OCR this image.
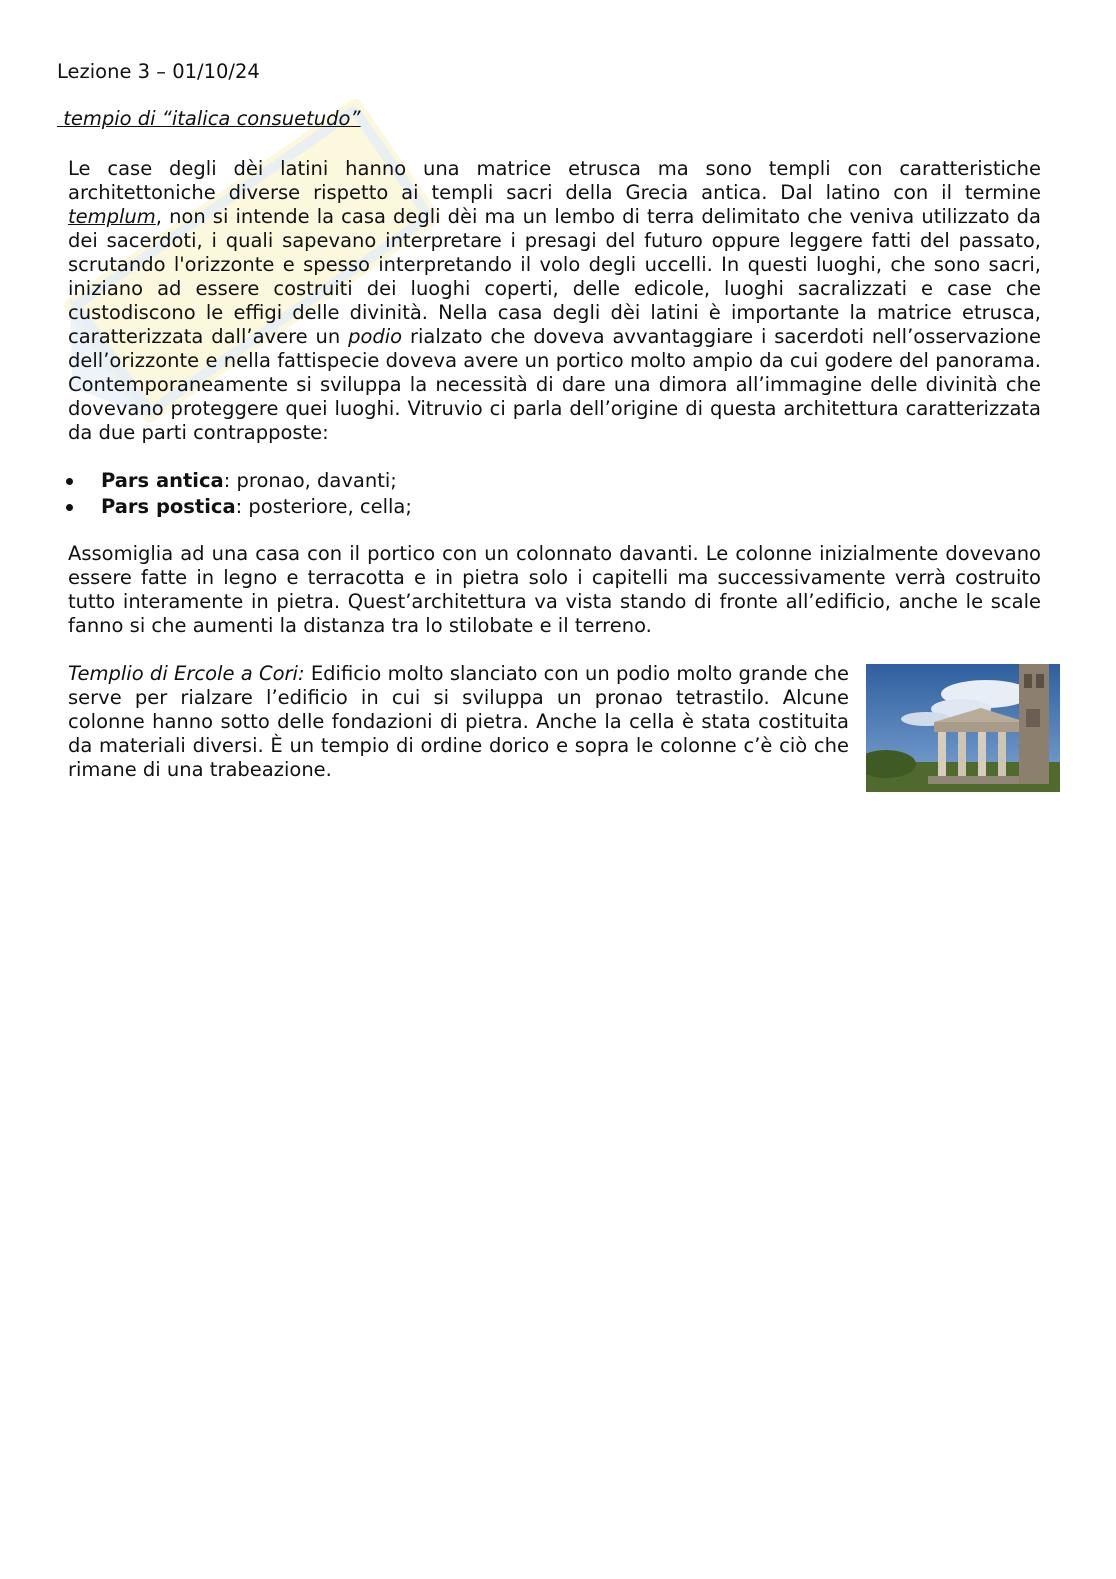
Lezione 3 – 01/10/24
tempio di “italica consuetudo”
Le case degli dèi latini hanno una matrice etrusca ma sono templi con caratteristiche architettoniche diverse rispetto ai templi sacri della Grecia antica. Dal latino con il termine templum, non si intende la casa degli dèi ma un lembo di terra delimitato che veniva utilizzato da dei sacerdoti, i quali sapevano interpretare i presagi del futuro oppure leggere fatti del passato, scrutando l'orizzonte e spesso interpretando il volo degli uccelli. In questi luoghi, che sono sacri, iniziano ad essere costruiti dei luoghi coperti, delle edicole, luoghi sacralizzati e case che custodiscono le effigi delle divinità. Nella casa degli dèi latini è importante la matrice etrusca, caratterizzata dall’avere un podio rialzato che doveva avvantaggiare i sacerdoti nell’osservazione dell’orizzonte e nella fattispecie doveva avere un portico molto ampio da cui godere del panorama. Contemporaneamente si sviluppa la necessità di dare una dimora all’immagine delle divinità che dovevano proteggere quei luoghi. Vitruvio ci parla dell’origine di questa architettura caratterizzata da due parti contrapposte:
Pars antica: pronao, davanti;
Pars postica: posteriore, cella;
Assomiglia ad una casa con il portico con un colonnato davanti. Le colonne inizialmente dovevano essere fatte in legno e terracotta e in pietra solo i capitelli ma successivamente verrà costruito tutto interamente in pietra. Quest’architettura va vista stando di fronte all’edificio, anche le scale fanno si che aumenti la distanza tra lo stilobate e il terreno.
Templio di Ercole a Cori: Edificio molto slanciato con un podio molto grande che serve per rialzare l’edificio in cui si sviluppa un pronao tetrastilo. Alcune colonne hanno sotto delle fondazioni di pietra. Anche la cella è stata costituita da materiali diversi. È un tempio di ordine dorico e sopra le colonne c’è ciò che rimane di una trabeazione.
